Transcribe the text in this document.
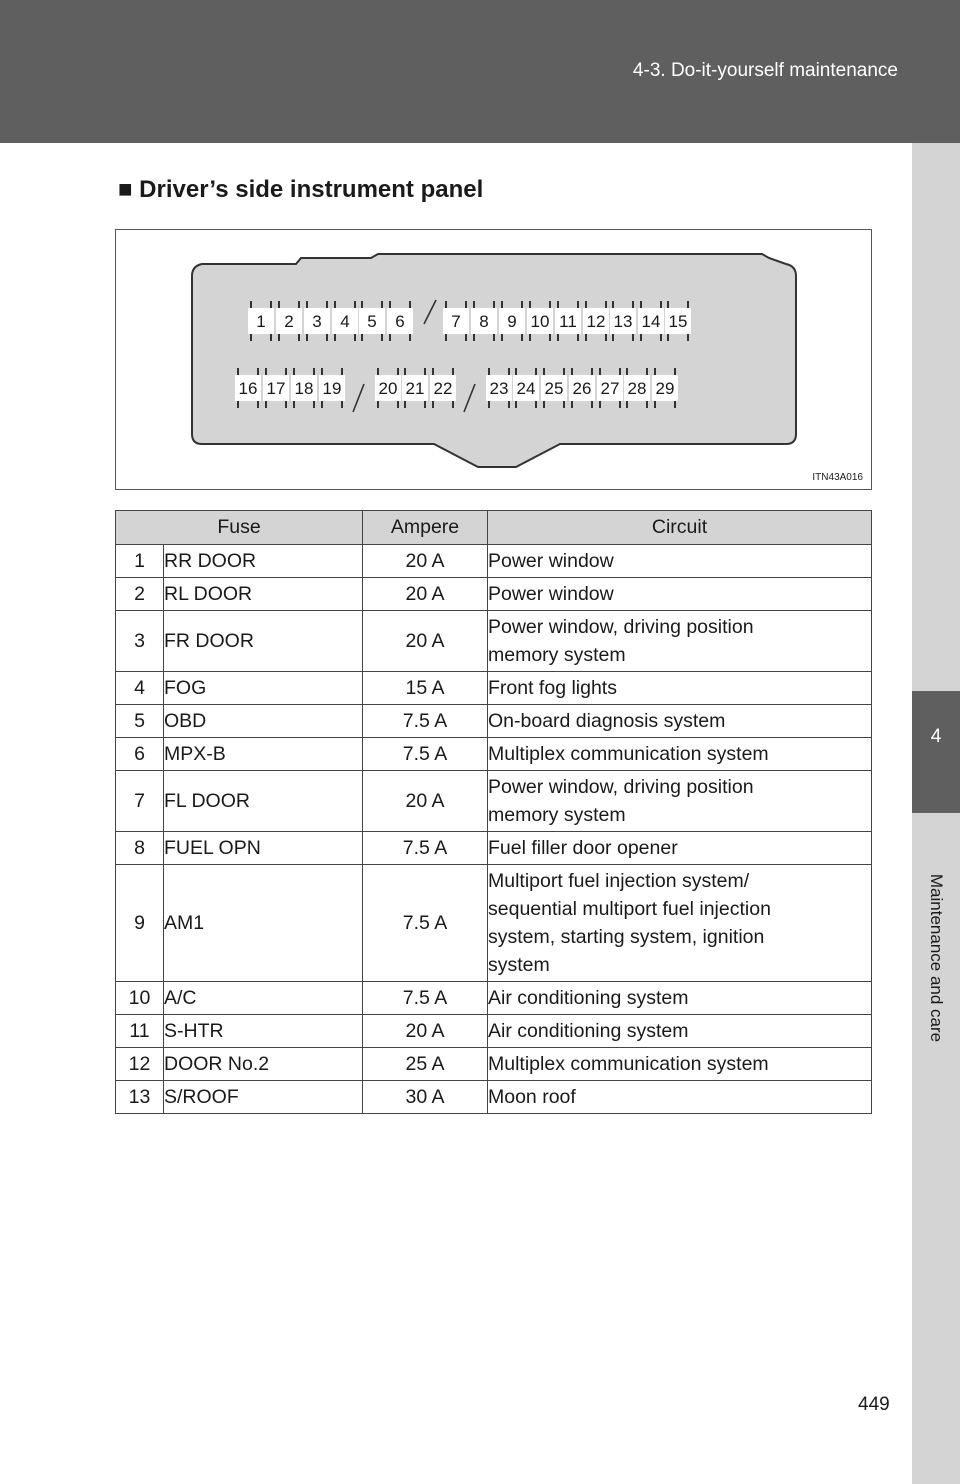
4-3. Do-it-yourself maintenance
4
Maintenance and care
■ Driver’s side instrument panel
1 2 3 4 5 6	7 8 9 10 11 12 13 14 15
16 17 18 19 20 21 22 23 24 25 26 27 28 29
ITN43A016
Fuse		Ampere	Circuit
1	RR DOOR	20 A	Power window
2	RL DOOR	20 A	Power window
3	FR DOOR	20 A	Power window, driving position
memory system

4	FOG	15 A	Front fog lights
5	OBD	7.5 A	On-board diagnosis system
6	MPX-B	7.5 A	Multiplex communication system
7	FL DOOR	20 A	Power window, driving position
memory system

8	FUEL OPN	7.5 A	Fuel filler door opener
9	AM1	7.5 A	Multiport fuel injection system/
sequential multiport fuel injection
system, starting system, ignition
system

10	A/C	7.5 A	Air conditioning system
11	S-HTR	20 A	Air conditioning system
12	DOOR No.2	25 A	Multiplex communication system
13	S/ROOF	30 A	Moon roof
449
